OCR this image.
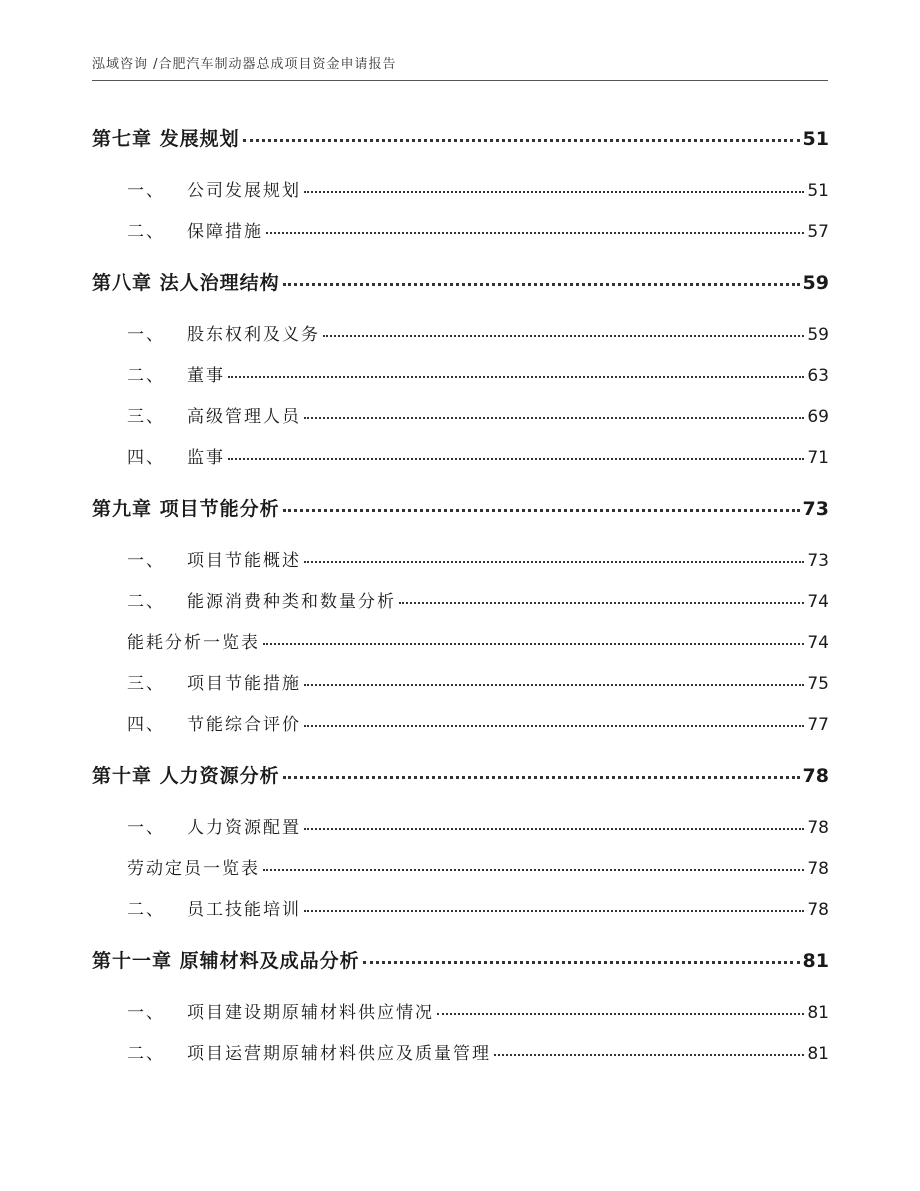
泓域咨询 /合肥汽车制动器总成项目资金申请报告
第七章 发展规划	51
一、 公司发展规划	51
二、 保障措施	57
第八章 法人治理结构	59
一、 股东权利及义务	59
二、 董事	63
三、 高级管理人员	69
四、 监事	71
第九章 项目节能分析	73
一、 项目节能概述	73
二、 能源消费种类和数量分析	74
能耗分析一览表	74
三、 项目节能措施	75
四、 节能综合评价	77
第十章 人力资源分析	78
一、 人力资源配置	78
劳动定员一览表	78
二、 员工技能培训	78
第十一章 原辅材料及成品分析	81
一、 项目建设期原辅材料供应情况	81
二、 项目运营期原辅材料供应及质量管理	81
